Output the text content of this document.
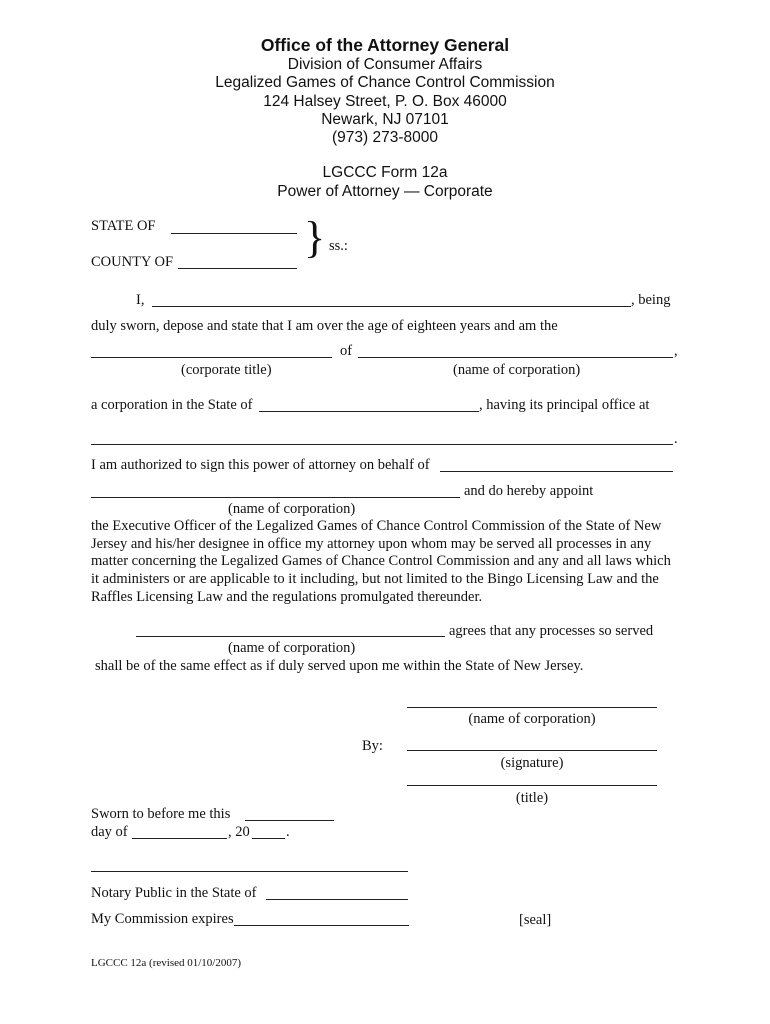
Office of the Attorney General
Division of Consumer Affairs
Legalized Games of Chance Control Commission
124 Halsey Street, P. O. Box 46000
Newark, NJ 07101
(973) 273-8000
LGCCC Form 12a
Power of Attorney — Corporate
STATE OF
COUNTY OF	} ss.:
I,	, being
duly sworn, depose and state that I am over the age of eighteen years and am the
of	,
(corporate title)	(name of corporation)
a corporation in the State of	, having its principal office at
.
I am authorized to sign this power of attorney on behalf of
and do hereby appoint
(name of corporation)
the Executive Officer of the Legalized Games of Chance Control Commission of the State of New Jersey and his/her designee in office my attorney upon whom may be served all processes in any matter concerning the Legalized Games of Chance Control Commission and any and all laws which it administers or are applicable to it including, but not limited to the Bingo Licensing Law and the Raffles Licensing Law and the regulations promulgated thereunder.
agrees that any processes so served
(name of corporation)
shall be of the same effect as if duly served upon me within the State of New Jersey.
(name of corporation)
By:
(signature)
(title)
Sworn to before me this
day of	, 20	.
Notary Public in the State of
My Commission expires	[seal]
LGCCC 12a (revised 01/10/2007)
